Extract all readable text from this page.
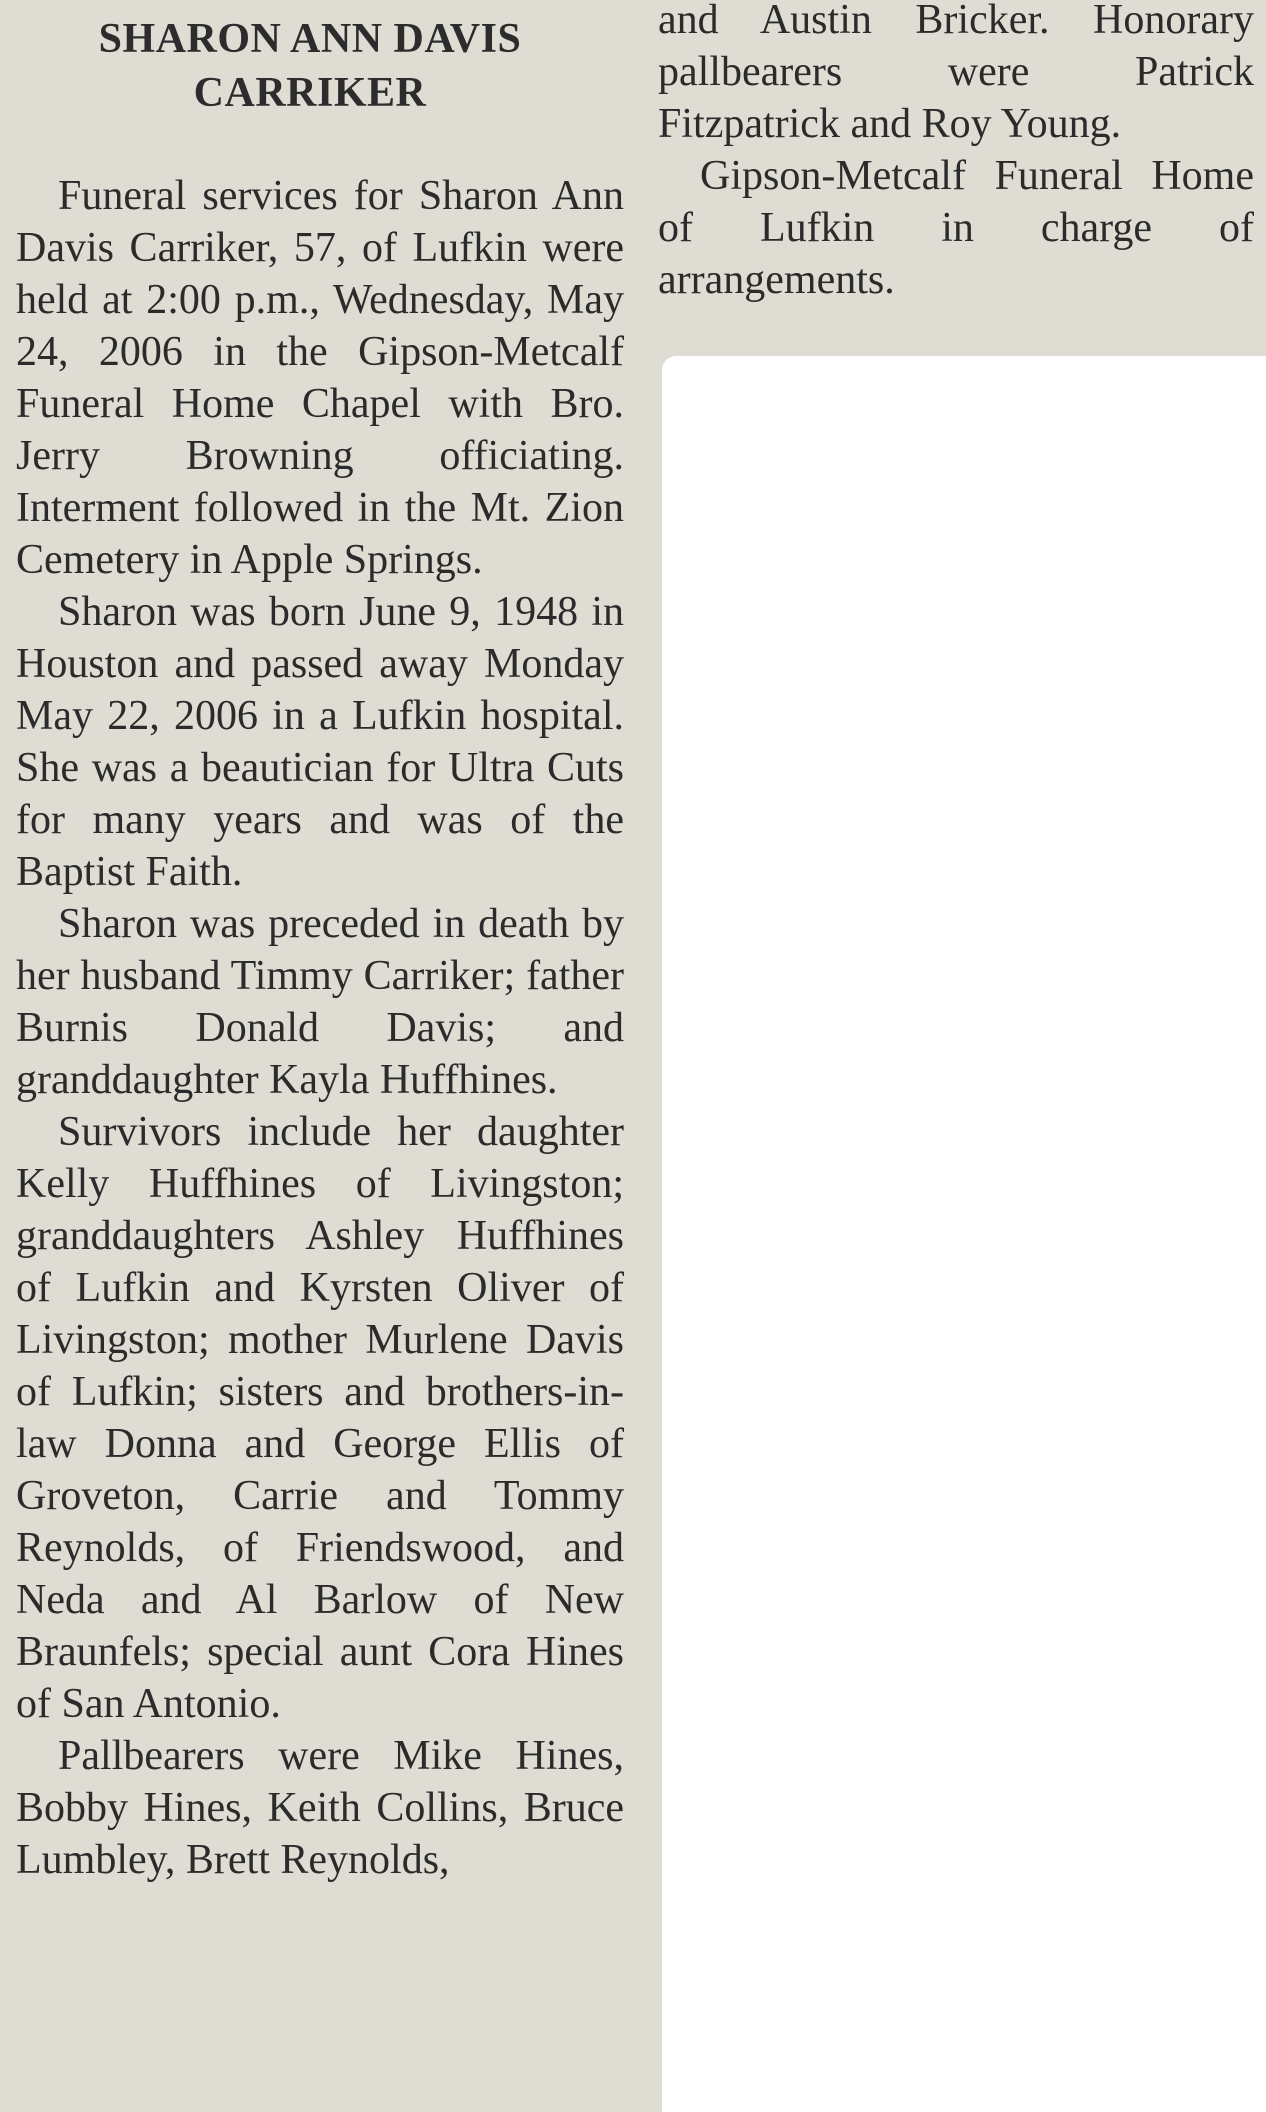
SHARON ANN DAVIS
CARRIKER

Funeral services for Sharon Ann Davis Carriker, 57, of Lufkin were held at 2:00 p.m., Wednesday, May 24, 2006 in the Gipson-Metcalf Funeral Home Chapel with Bro. Jerry Browning officiating. Interment followed in the Mt. Zion Cemetery in Apple Springs.

Sharon was born June 9, 1948 in Houston and passed away Monday May 22, 2006 in a Lufkin hospital. She was a beautician for Ultra Cuts for many years and was of the Baptist Faith.

Sharon was preceded in death by her husband Timmy Carriker; father Burnis Donald Davis; and granddaughter Kayla Huffhines.

Survivors include her daughter Kelly Huffhines of Livingston; granddaughters Ashley Huffhines of Lufkin and Kyrsten Oliver of Livingston; mother Murlene Davis of Lufkin; sisters and brothers-in-law Donna and George Ellis of Groveton, Carrie and Tommy Reynolds, of Friendswood, and Neda and Al Barlow of New Braunfels; special aunt Cora Hines of San Antonio.

Pallbearers were Mike Hines, Bobby Hines, Keith Collins, Bruce Lumbley, Brett Reynolds,

and Austin Bricker. Honorary pallbearers were Patrick Fitzpatrick and Roy Young.

Gipson-Metcalf Funeral Home of Lufkin in charge of arrangements.
